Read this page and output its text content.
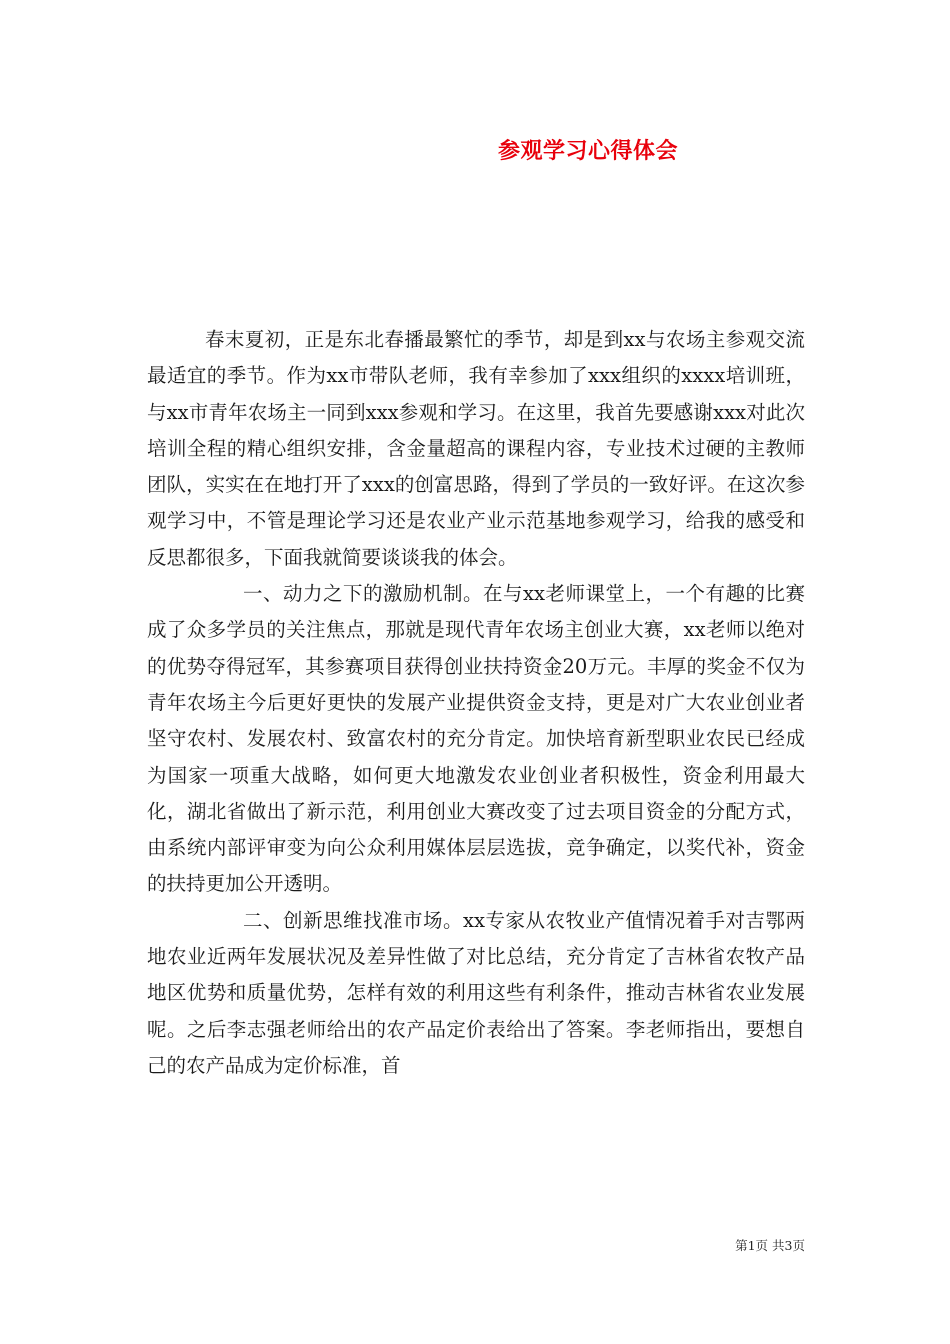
参观学习心得体会

春末夏初，正是东北春播最繁忙的季节，却是到xx与农场主参观交流最适宜的季节。作为xx市带队老师，我有幸参加了xxx组织的xxxx培训班，与xx市青年农场主一同到xxx参观和学习。在这里，我首先要感谢xxx对此次培训全程的精心组织安排，含金量超高的课程内容，专业技术过硬的主教师团队，实实在在地打开了xxx的创富思路，得到了学员的一致好评。在这次参观学习中，不管是理论学习还是农业产业示范基地参观学习，给我的感受和反思都很多，下面我就简要谈谈我的体会。

一、动力之下的激励机制。在与xx老师课堂上，一个有趣的比赛成了众多学员的关注焦点，那就是现代青年农场主创业大赛，xx老师以绝对的优势夺得冠军，其参赛项目获得创业扶持资金20万元。丰厚的奖金不仅为青年农场主今后更好更快的发展产业提供资金支持，更是对广大农业创业者坚守农村、发展农村、致富农村的充分肯定。加快培育新型职业农民已经成为国家一项重大战略，如何更大地激发农业创业者积极性，资金利用最大化，湖北省做出了新示范，利用创业大赛改变了过去项目资金的分配方式，由系统内部评审变为向公众利用媒体层层选拔，竞争确定，以奖代补，资金的扶持更加公开透明。

二、创新思维找准市场。xx专家从农牧业产值情况着手对吉鄂两地农业近两年发展状况及差异性做了对比总结，充分肯定了吉林省农牧产品地区优势和质量优势，怎样有效的利用这些有利条件，推动吉林省农业发展呢。之后李志强老师给出的农产品定价表给出了答案。李老师指出，要想自己的农产品成为定价标准，首

第1页 共3页
